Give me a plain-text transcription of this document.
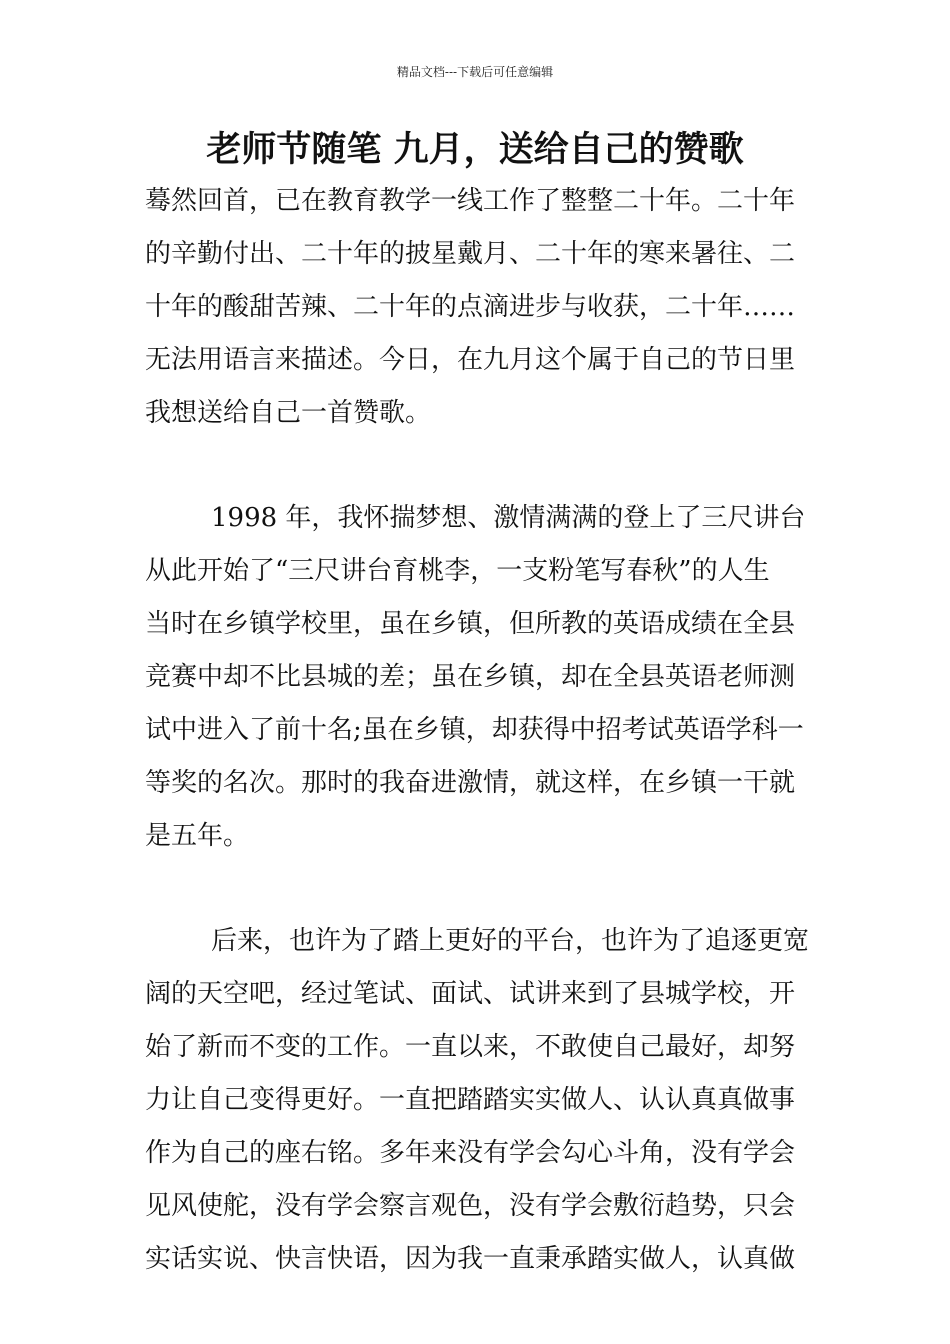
精品文档---下载后可任意编辑
老师节随笔 九月，送给自己的赞歌
蓦然回首，已在教育教学一线工作了整整二十年。二十年
的辛勤付出、二十年的披星戴月、二十年的寒来暑往、二
十年的酸甜苦辣、二十年的点滴进步与收获，二十年……
无法用语言来描述。今日，在九月这个属于自己的节日里
我想送给自己一首赞歌。
1998 年，我怀揣梦想、激情满满的登上了三尺讲台
从此开始了“三尺讲台育桃李，一支粉笔写春秋”的人生
当时在乡镇学校里，虽在乡镇，但所教的英语成绩在全县
竞赛中却不比县城的差；虽在乡镇，却在全县英语老师测
试中进入了前十名;虽在乡镇，却获得中招考试英语学科一
等奖的名次。那时的我奋进激情，就这样，在乡镇一干就
是五年。
后来，也许为了踏上更好的平台，也许为了追逐更宽
阔的天空吧，经过笔试、面试、试讲来到了县城学校，开
始了新而不变的工作。一直以来，不敢使自己最好，却努
力让自己变得更好。一直把踏踏实实做人、认认真真做事
作为自己的座右铭。多年来没有学会勾心斗角，没有学会
见风使舵，没有学会察言观色，没有学会敷衍趋势，只会
实话实说、快言快语，因为我一直秉承踏实做人，认真做
